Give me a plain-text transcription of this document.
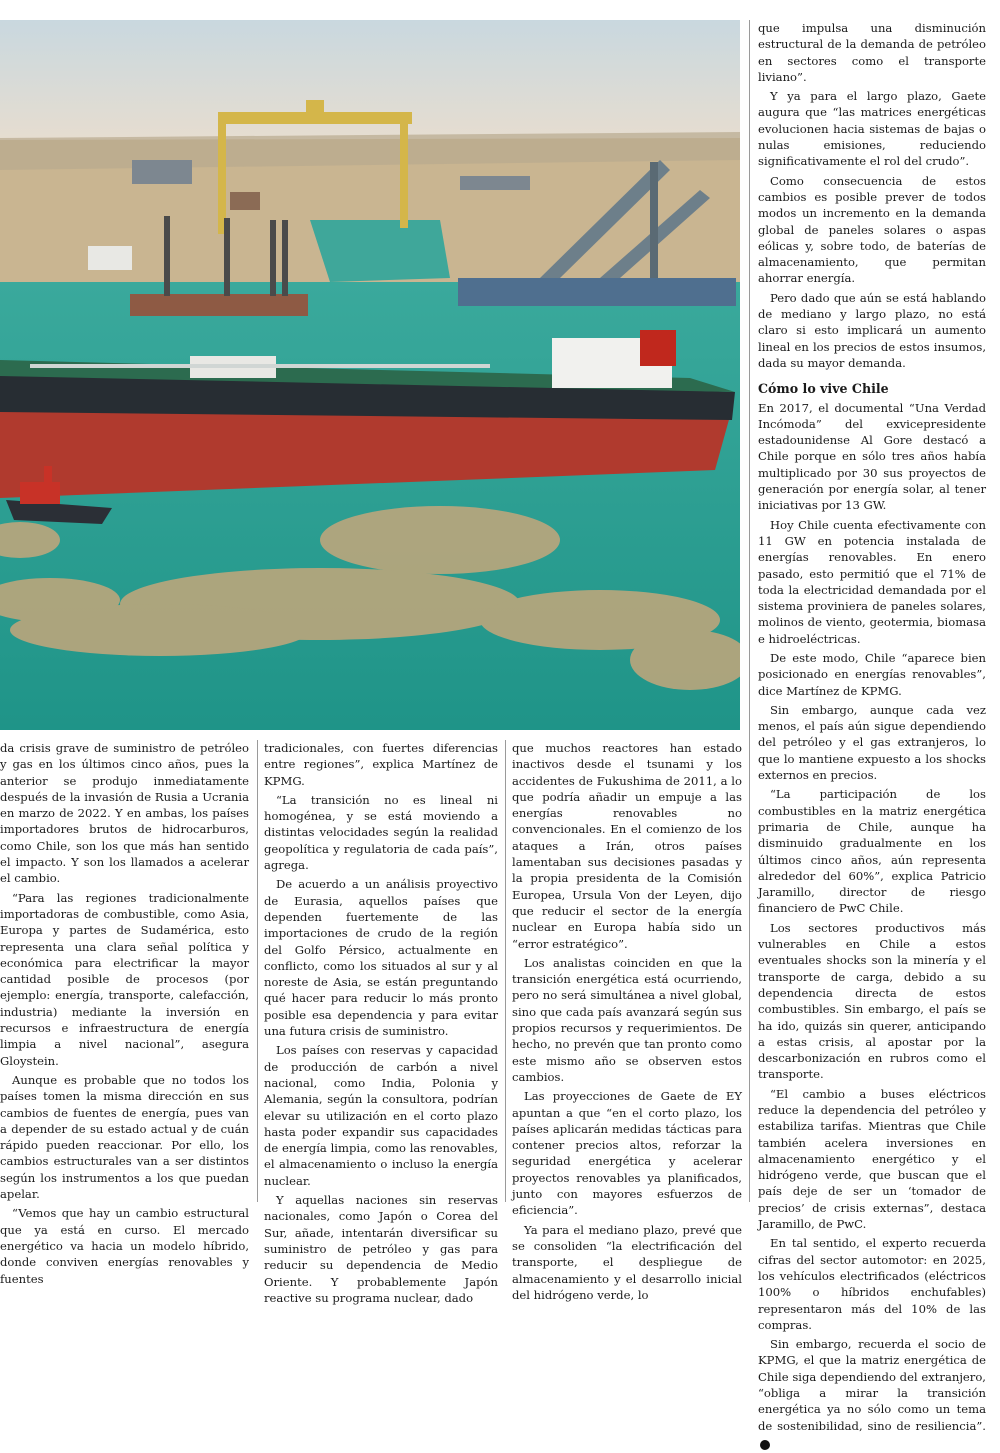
da crisis grave de suministro de petróleo y gas en los últimos cinco años, pues la anterior se produjo inmediatamente después de la invasión de Rusia a Ucrania en marzo de 2022. Y en ambas, los países importadores brutos de hidrocarburos, como Chile, son los que más han sentido el impacto. Y son los llamados a acelerar el cambio.

“Para las regiones tradicionalmente importadoras de combustible, como Asia, Europa y partes de Sudamérica, esto representa una clara señal política y económica para electrificar la mayor cantidad posible de procesos (por ejemplo: energía, transporte, calefacción, industria) mediante la inversión en recursos e infraestructura de energía limpia a nivel nacional”, asegura Gloystein.

Aunque es probable que no todos los países tomen la misma dirección en sus cambios de fuentes de energía, pues van a depender de su estado actual y de cuán rápido pueden reaccionar. Por ello, los cambios estructurales van a ser distintos según los instrumentos a los que puedan apelar.

“Vemos que hay un cambio estructural que ya está en curso. El mercado energético va hacia un modelo híbrido, donde conviven energías renovables y fuentes

tradicionales, con fuertes diferencias entre regiones”, explica Martínez de KPMG.

“La transición no es lineal ni homogénea, y se está moviendo a distintas velocidades según la realidad geopolítica y regulatoria de cada país”, agrega.

De acuerdo a un análisis proyectivo de Eurasia, aquellos países que dependen fuertemente de las importaciones de crudo de la región del Golfo Pérsico, actualmente en conflicto, como los situados al sur y al noreste de Asia, se están preguntando qué hacer para reducir lo más pronto posible esa dependencia y para evitar una futura crisis de suministro.

Los países con reservas y capacidad de producción de carbón a nivel nacional, como India, Polonia y Alemania, según la consultora, podrían elevar su utilización en el corto plazo hasta poder expandir sus capacidades de energía limpia, como las renovables, el almacenamiento o incluso la energía nuclear.

Y aquellas naciones sin reservas nacionales, como Japón o Corea del Sur, añade, intentarán diversificar su suministro de petróleo y gas para reducir su dependencia de Medio Oriente. Y probablemente Japón reactive su programa nuclear, dado

que muchos reactores han estado inactivos desde el tsunami y los accidentes de Fukushima de 2011, a lo que podría añadir un empuje a las energías renovables no convencionales. En el comienzo de los ataques a Irán, otros países lamentaban sus decisiones pasadas y la propia presidenta de la Comisión Europea, Ursula Von der Leyen, dijo que reducir el sector de la energía nuclear en Europa había sido un “error estratégico”.

Los analistas coinciden en que la transición energética está ocurriendo, pero no será simultánea a nivel global, sino que cada país avanzará según sus propios recursos y requerimientos. De hecho, no prevén que tan pronto como este mismo año se observen estos cambios.

Las proyecciones de Gaete de EY apuntan a que “en el corto plazo, los países aplicarán medidas tácticas para contener precios altos, reforzar la seguridad energética y acelerar proyectos renovables ya planificados, junto con mayores esfuerzos de eficiencia”.

Ya para el mediano plazo, prevé que se consoliden “la electrificación del transporte, el despliegue de almacenamiento y el desarrollo inicial del hidrógeno verde, lo

que impulsa una disminución estructural de la demanda de petróleo en sectores como el transporte liviano”.

Y ya para el largo plazo, Gaete augura que “las matrices energéticas evolucionen hacia sistemas de bajas o nulas emisiones, reduciendo significativamente el rol del crudo”.

Como consecuencia de estos cambios es posible prever de todos modos un incremento en la demanda global de paneles solares o aspas eólicas y, sobre todo, de baterías de almacenamiento, que permitan ahorrar energía.

Pero dado que aún se está hablando de mediano y largo plazo, no está claro si esto implicará un aumento lineal en los precios de estos insumos, dada su mayor demanda.

Cómo lo vive Chile

En 2017, el documental “Una Verdad Incómoda” del exvicepresidente estadounidense Al Gore destacó a Chile porque en sólo tres años había multiplicado por 30 sus proyectos de generación por energía solar, al tener iniciativas por 13 GW.

Hoy Chile cuenta efectivamente con 11 GW en potencia instalada de energías renovables. En enero pasado, esto permitió que el 71% de toda la electricidad demandada por el sistema proviniera de paneles solares, molinos de viento, geotermia, biomasa e hidroeléctricas.

De este modo, Chile “aparece bien posicionado en energías renovables”, dice Martínez de KPMG.

Sin embargo, aunque cada vez menos, el país aún sigue dependiendo del petróleo y el gas extranjeros, lo que lo mantiene expuesto a los shocks externos en precios.

“La participación de los combustibles en la matriz energética primaria de Chile, aunque ha disminuido gradualmente en los últimos cinco años, aún representa alrededor del 60%”, explica Patricio Jaramillo, director de riesgo financiero de PwC Chile.

Los sectores productivos más vulnerables en Chile a estos eventuales shocks son la minería y el transporte de carga, debido a su dependencia directa de estos combustibles. Sin embargo, el país se ha ido, quizás sin querer, anticipando a estas crisis, al apostar por la descarbonización en rubros como el transporte.

“El cambio a buses eléctricos reduce la dependencia del petróleo y estabiliza tarifas. Mientras que Chile también acelera inversiones en almacenamiento energético y el hidrógeno verde, que buscan que el país deje de ser un ‘tomador de precios’ de crisis externas”, destaca Jaramillo, de PwC.

En tal sentido, el experto recuerda cifras del sector automotor: en 2025, los vehículos electrificados (eléctricos 100% o híbridos enchufables) representaron más del 10% de las compras.

Sin embargo, recuerda el socio de KPMG, el que la matriz energética de Chile siga dependiendo del extranjero, “obliga a mirar la transición energética ya no sólo como un tema de sostenibilidad, sino de resiliencia”.P
